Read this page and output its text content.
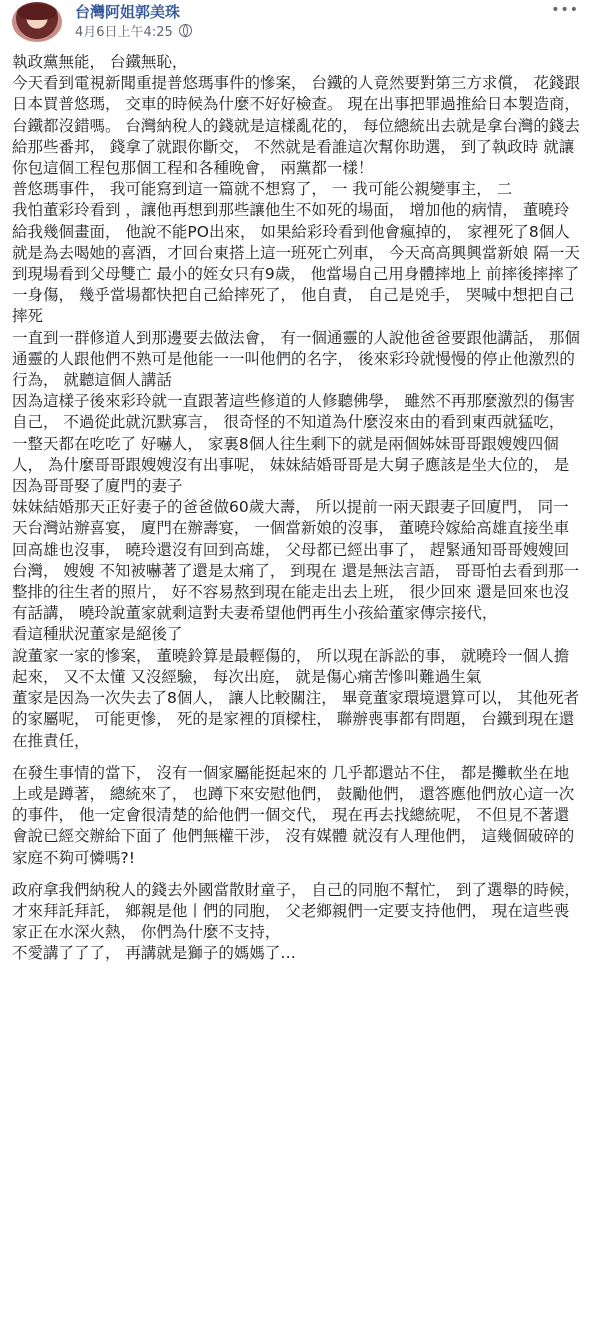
台灣阿姐郭美珠
4月6日上午4:25
•••

執政黨無能， 台鐵無恥，

今天看到電視新聞重提普悠瑪事件的慘案， 台鐵的人竟然要對第三方求償， 花錢跟日本買普悠瑪， 交車的時候為什麼不好好檢查。 現在出事把罪過推給日本製造商， 台鐵都沒錯嗎。 台灣納稅人的錢就是這樣亂花的， 每位總統出去就是拿台灣的錢去給那些番邦， 錢拿了就跟你斷交， 不然就是看誰這次幫你助選， 到了執政時 就讓你包這個工程包那個工程和各種晚會， 兩黨都一樣！

普悠瑪事件， 我可能寫到這一篇就不想寫了， 一 我可能公親變事主， 二

我怕董彩玲看到 ，讓他再想到那些讓他生不如死的場面， 增加他的病情， 董曉玲給我幾個畫面， 他說不能PO出來， 如果給彩玲看到他會瘋掉的， 家裡死了8個人 就是為去喝她的喜酒，才回台東搭上這一班死亡列車， 今天高高興興當新娘 隔一天到現場看到父母雙亡 最小的姪女只有9歲， 他當場自己用身體摔地上 前摔後摔摔了一身傷， 幾乎當場都快把自己給摔死了， 他自責， 自己是兇手， 哭喊中想把自己摔死

一直到一群修道人到那邊要去做法會， 有一個通靈的人說他爸爸要跟他講話， 那個通靈的人跟他們不熟可是他能一一叫他們的名字， 後來彩玲就慢慢的停止他激烈的行為， 就聽這個人講話

因為這樣子後來彩玲就一直跟著這些修道的人修聽佛學， 雖然不再那麼激烈的傷害自己， 不過從此就沉默寡言， 很奇怪的不知道為什麼沒來由的看到東西就猛吃， 一整天都在吃吃了 好嚇人， 家裏8個人往生剩下的就是兩個姊妹哥哥跟嫂嫂四個人， 為什麼哥哥跟嫂嫂沒有出事呢， 妹妹結婚哥哥是大舅子應該是坐大位的， 是因為哥哥娶了廈門的妻子

妹妹結婚那天正好妻子的爸爸做60歲大壽， 所以提前一兩天跟妻子回廈門， 同一天台灣站辦喜宴， 廈門在辦壽宴， 一個當新娘的沒事， 董曉玲嫁給高雄直接坐車回高雄也沒事， 曉玲還沒有回到高雄， 父母都已經出事了， 趕緊通知哥哥嫂嫂回台灣， 嫂嫂 不知被嚇著了還是太痛了， 到現在 還是無法言語， 哥哥怕去看到那一整排的往生者的照片， 好不容易熬到現在能走出去上班， 很少回來 還是回來也沒有話講， 曉玲說董家就剩這對夫妻希望他們再生小孩給董家傳宗接代，

看這種狀況董家是絕後了

說董家一家的慘案， 董曉鈴算是最輕傷的， 所以現在訴訟的事， 就曉玲一個人擔起來， 又不太懂 又沒經驗， 每次出庭， 就是傷心痛苦慘叫難過生氣

董家是因為一次失去了8個人， 讓人比較關注， 畢竟董家環境還算可以， 其他死者的家屬呢， 可能更慘， 死的是家裡的頂樑柱， 聯辦喪事都有問題， 台鐵到現在還在推責任，

在發生事情的當下， 沒有一個家屬能挺起來的 几乎都還站不住， 都是攤軟坐在地上或是蹲著， 總統來了， 也蹲下來安慰他們， 鼓勵他們， 還答應他們放心這一次的事件， 他一定會很清楚的給他們一個交代， 現在再去找總統呢， 不但見不著還會說已經交辦給下面了 他們無權干涉， 沒有媒體 就沒有人理他們， 這幾個破碎的家庭不夠可憐嗎?!

政府拿我們納稅人的錢去外國當散財童子， 自己的同胞不幫忙， 到了選舉的時候， 才來拜託拜託， 鄉親是他丨們的同胞， 父老鄉親們一定要支持他們， 現在這些喪家正在水深火熱， 你們為什麼不支持，

不愛講了了了， 再講就是獅子的媽媽了…
